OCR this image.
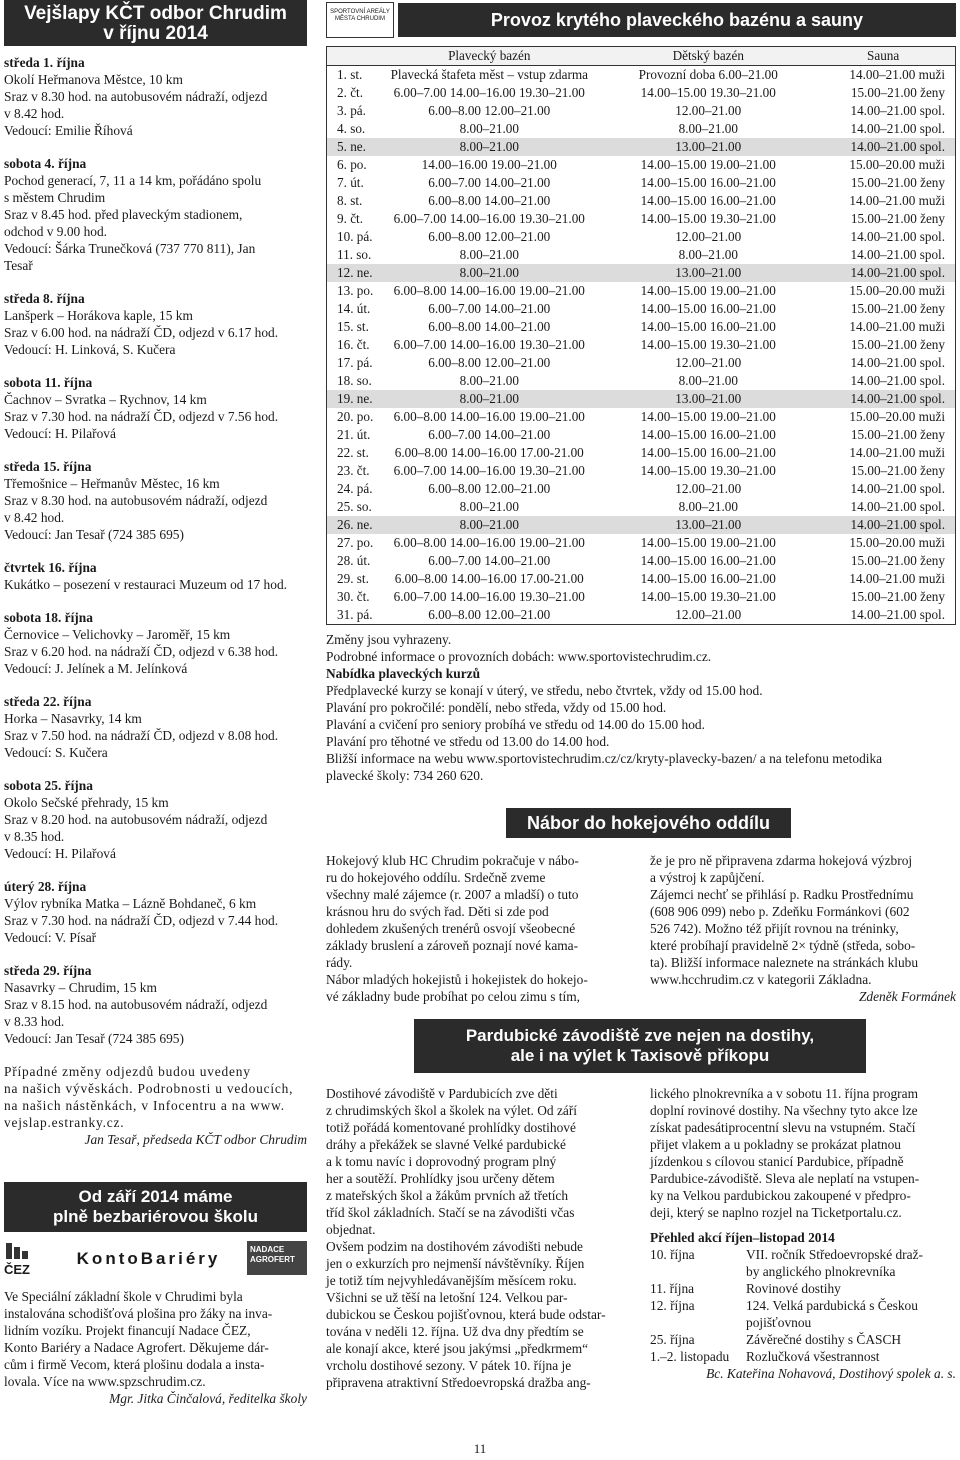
Vejšlapy KČT odbor Chrudim
v říjnu 2014
středa 1. října
Okolí Heřmanova Městce, 10 km
Sraz v 8.30 hod. na autobusovém nádraží, odjezd
v 8.42 hod.
Vedoucí: Emilie Říhová
sobota 4. října
Pochod generací, 7, 11 a 14 km, pořádáno spolu
s městem Chrudim
Sraz v 8.45 hod. před plaveckým stadionem,
odchod v 9.00 hod.
Vedoucí: Šárka Trunečková (737 770 811), Jan
Tesař
středa 8. října
Lanšperk – Horákova kaple, 15 km
Sraz v 6.00 hod. na nádraží ČD, odjezd v 6.17 hod.
Vedoucí: H. Linková, S. Kučera
sobota 11. října
Čachnov – Svratka – Rychnov, 14 km
Sraz v 7.30 hod. na nádraží ČD, odjezd v 7.56 hod.
Vedoucí: H. Pilařová
středa 15. října
Třemošnice – Heřmanův Městec, 16 km
Sraz v 8.30 hod. na autobusovém nádraží, odjezd
v 8.42 hod.
Vedoucí: Jan Tesař (724 385 695)
čtvrtek 16. října
Kukátko – posezení v restauraci Muzeum od 17 hod.
sobota 18. října
Černovice – Velichovky – Jaroměř, 15 km
Sraz v 6.20 hod. na nádraží ČD, odjezd v 6.38 hod.
Vedoucí: J. Jelínek a M. Jelínková
středa 22. října
Horka – Nasavrky, 14 km
Sraz v 7.50 hod. na nádraží ČD, odjezd v 8.08 hod.
Vedoucí: S. Kučera
sobota 25. října
Okolo Sečské přehrady, 15 km
Sraz v 8.20 hod. na autobusovém nádraží, odjezd
v 8.35 hod.
Vedoucí: H. Pilařová
úterý 28. října
Výlov rybníka Matka – Lázně Bohdaneč, 6 km
Sraz v 7.30 hod. na nádraží ČD, odjezd v 7.44 hod.
Vedoucí: V. Písař
středa 29. října
Nasavrky – Chrudim, 15 km
Sraz v 8.15 hod. na autobusovém nádraží, odjezd
v 8.33 hod.
Vedoucí: Jan Tesař (724 385 695)
Případné změny odjezdů budou uvedeny
na našich vývěskách. Podrobnosti u vedoucích,
na našich nástěnkách, v Infocentru a na www.
vejslap.estranky.cz.
Jan Tesař, předseda KČT odbor Chrudim
Od září 2014 máme
plně bezbariérovou školu
ČEZ
KontoBariéry	NADACE
AGROFERT
Ve Speciální základní škole v Chrudimi byla
instalována schodišťová plošina pro žáky na inva-
lidním vozíku. Projekt financují Nadace ČEZ,
Konto Bariéry a Nadace Agrofert. Děkujeme dár-
cům i firmě Vecom, která plošinu dodala a insta-
lovala. Více na www.spzschrudim.cz.
Mgr. Jitka Činčalová, ředitelka školy
SPORTOVNÍ AREÁLY MĚSTA CHRUDIM	Provoz krytého plaveckého bazénu a sauny
	Plavecký bazén	Dětský bazén	Sauna
1. st.	Plavecká štafeta měst – vstup zdarma	Provozní doba 6.00–21.00	14.00–21.00 muži
2. čt.	6.00–7.00 14.00–16.00 19.30–21.00	14.00–15.00 19.30–21.00	15.00–21.00 ženy
3. pá.	6.00–8.00 12.00–21.00	12.00–21.00	14.00–21.00 spol.
4. so.	8.00–21.00	8.00–21.00	14.00–21.00 spol.
5. ne.	8.00–21.00	13.00–21.00	14.00–21.00 spol.
6. po.	14.00–16.00 19.00–21.00	14.00–15.00 19.00–21.00	15.00–20.00 muži
7. út.	6.00–7.00 14.00–21.00	14.00–15.00 16.00–21.00	15.00–21.00 ženy
8. st.	6.00–8.00 14.00–21.00	14.00–15.00 16.00–21.00	14.00–21.00 muži
9. čt.	6.00–7.00 14.00–16.00 19.30–21.00	14.00–15.00 19.30–21.00	15.00–21.00 ženy
10. pá.	6.00–8.00 12.00–21.00	12.00–21.00	14.00–21.00 spol.
11. so.	8.00–21.00	8.00–21.00	14.00–21.00 spol.
12. ne.	8.00–21.00	13.00–21.00	14.00–21.00 spol.
13. po.	6.00–8.00 14.00–16.00 19.00–21.00	14.00–15.00 19.00–21.00	15.00–20.00 muži
14. út.	6.00–7.00 14.00–21.00	14.00–15.00 16.00–21.00	15.00–21.00 ženy
15. st.	6.00–8.00 14.00–21.00	14.00–15.00 16.00–21.00	14.00–21.00 muži
16. čt.	6.00–7.00 14.00–16.00 19.30–21.00	14.00–15.00 19.30–21.00	15.00–21.00 ženy
17. pá.	6.00–8.00 12.00–21.00	12.00–21.00	14.00–21.00 spol.
18. so.	8.00–21.00	8.00–21.00	14.00–21.00 spol.
19. ne.	8.00–21.00	13.00–21.00	14.00–21.00 spol.
20. po.	6.00–8.00 14.00–16.00 19.00–21.00	14.00–15.00 19.00–21.00	15.00–20.00 muži
21. út.	6.00–7.00 14.00–21.00	14.00–15.00 16.00–21.00	15.00–21.00 ženy
22. st.	6.00–8.00 14.00–16.00 17.00-21.00	14.00–15.00 16.00–21.00	14.00–21.00 muži
23. čt.	6.00–7.00 14.00–16.00 19.30–21.00	14.00–15.00 19.30–21.00	15.00–21.00 ženy
24. pá.	6.00–8.00 12.00–21.00	12.00–21.00	14.00–21.00 spol.
25. so.	8.00–21.00	8.00–21.00	14.00–21.00 spol.
26. ne.	8.00–21.00	13.00–21.00	14.00–21.00 spol.
27. po.	6.00–8.00 14.00–16.00 19.00–21.00	14.00–15.00 19.00–21.00	15.00–20.00 muži
28. út.	6.00–7.00 14.00–21.00	14.00–15.00 16.00–21.00	15.00–21.00 ženy
29. st.	6.00–8.00 14.00–16.00 17.00-21.00	14.00–15.00 16.00–21.00	14.00–21.00 muži
30. čt.	6.00–7.00 14.00–16.00 19.30–21.00	14.00–15.00 19.30–21.00	15.00–21.00 ženy
31. pá.	6.00–8.00 12.00–21.00	12.00–21.00	14.00–21.00 spol.
Změny jsou vyhrazeny.
Podrobné informace o provozních dobách: www.sportovistechrudim.cz.
Nabídka plaveckých kurzů
Předplavecké kurzy se konají v úterý, ve středu, nebo čtvrtek, vždy od 15.00 hod.
Plavání pro pokročilé: pondělí, nebo středa, vždy od 15.00 hod.
Plavání a cvičení pro seniory probíhá ve středu od 14.00 do 15.00 hod.
Plavání pro těhotné ve středu od 13.00 do 14.00 hod.
Bližší informace na webu www.sportovistechrudim.cz/cz/kryty-plavecky-bazen/ a na telefonu metodika
plavecké školy: 734 260 620.
Nábor do hokejového oddílu
Hokejový klub HC Chrudim pokračuje v nábo-
ru do hokejového oddílu. Srdečně zveme
všechny malé zájemce (r. 2007 a mladší) o tuto
krásnou hru do svých řad. Děti si zde pod
dohledem zkušených trenérů osvojí všeobecné
základy bruslení a zároveň poznají nové kama-
rády.
Nábor mladých hokejistů i hokejistek do hokejo-
vé základny bude probíhat po celou zimu s tím,
že je pro ně připravena zdarma hokejová výzbroj
a výstroj k zapůjčení.
Zájemci nechť se přihlásí p. Radku Prostřednímu
(608 906 099) nebo p. Zdeňku Formánkovi (602
526 742). Možno též přijít rovnou na tréninky,
které probíhají pravidelně 2× týdně (středa, sobo-
ta). Bližší informace naleznete na stránkách klubu
www.hcchrudim.cz v kategorii Základna.
Zdeněk Formánek
Pardubické závodiště zve nejen na dostihy,
ale i na výlet k Taxisově příkopu
Dostihové závodiště v Pardubicích zve děti
z chrudimských škol a školek na výlet. Od září
totiž pořádá komentované prohlídky dostihové
dráhy a překážek se slavné Velké pardubické
a k tomu navíc i doprovodný program plný
her a soutěží. Prohlídky jsou určeny dětem
z mateřských škol a žákům prvních až třetích
tříd škol základních. Stačí se na závodišti včas
objednat.
Ovšem podzim na dostihovém závodišti nebude
jen o exkurzích pro nejmenší návštěvníky. Říjen
je totiž tím nejvyhledávanějším měsícem roku.
Všichni se už těší na letošní 124. Velkou par-
dubickou se Českou pojišťovnou, která bude odstar-
tována v neděli 12. října. Už dva dny předtím se
ale konají akce, které jsou jakýmsi „předkrmem“
vrcholu dostihové sezony. V pátek 10. října je
připravena atraktivní Středoevropská dražba ang-
lického plnokrevníka a v sobotu 11. října program
doplní rovinové dostihy. Na všechny tyto akce lze
získat padesátiprocentní slevu na vstupném. Stačí
přijet vlakem a u pokladny se prokázat platnou
jízdenkou s cílovou stanicí Pardubice, případně
Pardubice-závodiště. Sleva ale neplatí na vstupen-
ky na Velkou pardubickou zakoupené v předpro-
deji, který se naplno rozjel na Ticketportalu.cz.
Přehled akcí říjen–listopad 2014
10. října	VII. ročník Středoevropské draž-
by anglického plnokrevníka
11. října	Rovinové dostihy
12. října	124. Velká pardubická s Českou
pojišťovnou
25. října	Závěrečné dostihy s ČASCH
1.–2. listopadu	Rozlučková všestrannost
Bc. Kateřina Nohavová, Dostihový spolek a. s.
11
